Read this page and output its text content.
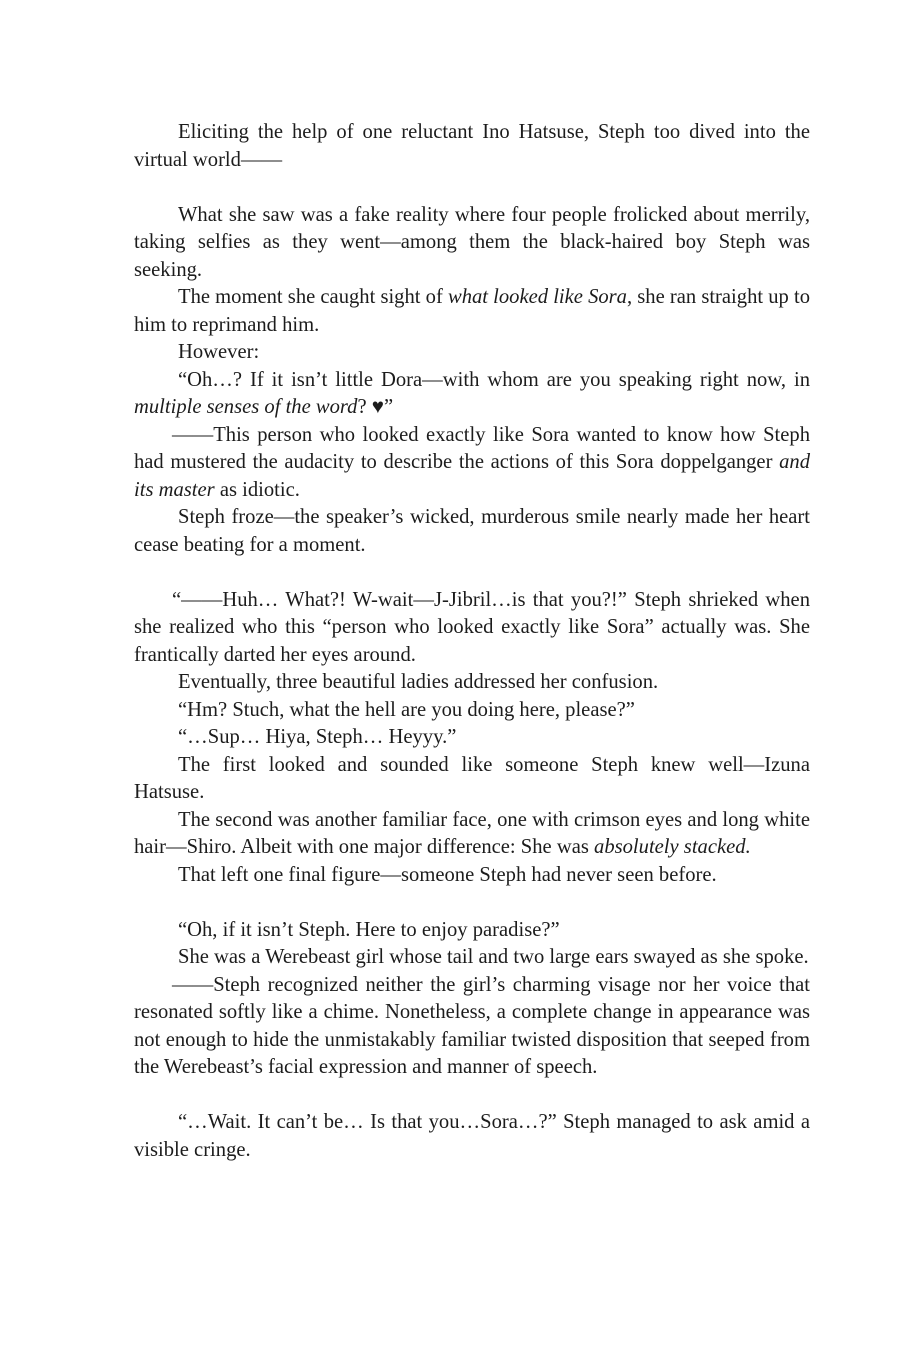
Eliciting the help of one reluctant Ino Hatsuse, Steph too dived into the virtual world——

What she saw was a fake reality where four people frolicked about merrily, taking selfies as they went—among them the black-haired boy Steph was seeking.

The moment she caught sight of what looked like Sora, she ran straight up to him to reprimand him.

However:

“Oh…? If it isn’t little Dora—with whom are you speaking right now, in multiple senses of the word? ♥”

——This person who looked exactly like Sora wanted to know how Steph had mustered the audacity to describe the actions of this Sora doppelganger and its master as idiotic.

Steph froze—the speaker’s wicked, murderous smile nearly made her heart cease beating for a moment.

“——Huh… What?! W-wait—J-Jibril…is that you?!” Steph shrieked when she realized who this “person who looked exactly like Sora” actually was. She frantically darted her eyes around.

Eventually, three beautiful ladies addressed her confusion.

“Hm? Stuch, what the hell are you doing here, please?”

“…Sup… Hiya, Steph… Heyyy.”

The first looked and sounded like someone Steph knew well—Izuna Hatsuse.

The second was another familiar face, one with crimson eyes and long white hair—Shiro. Albeit with one major difference: She was absolutely stacked.

That left one final figure—someone Steph had never seen before.

“Oh, if it isn’t Steph. Here to enjoy paradise?”

She was a Werebeast girl whose tail and two large ears swayed as she spoke.

——Steph recognized neither the girl’s charming visage nor her voice that resonated softly like a chime. Nonetheless, a complete change in appearance was not enough to hide the unmistakably familiar twisted disposition that seeped from the Werebeast’s facial expression and manner of speech.

“…Wait. It can’t be… Is that you…Sora…?” Steph managed to ask amid a visible cringe.
